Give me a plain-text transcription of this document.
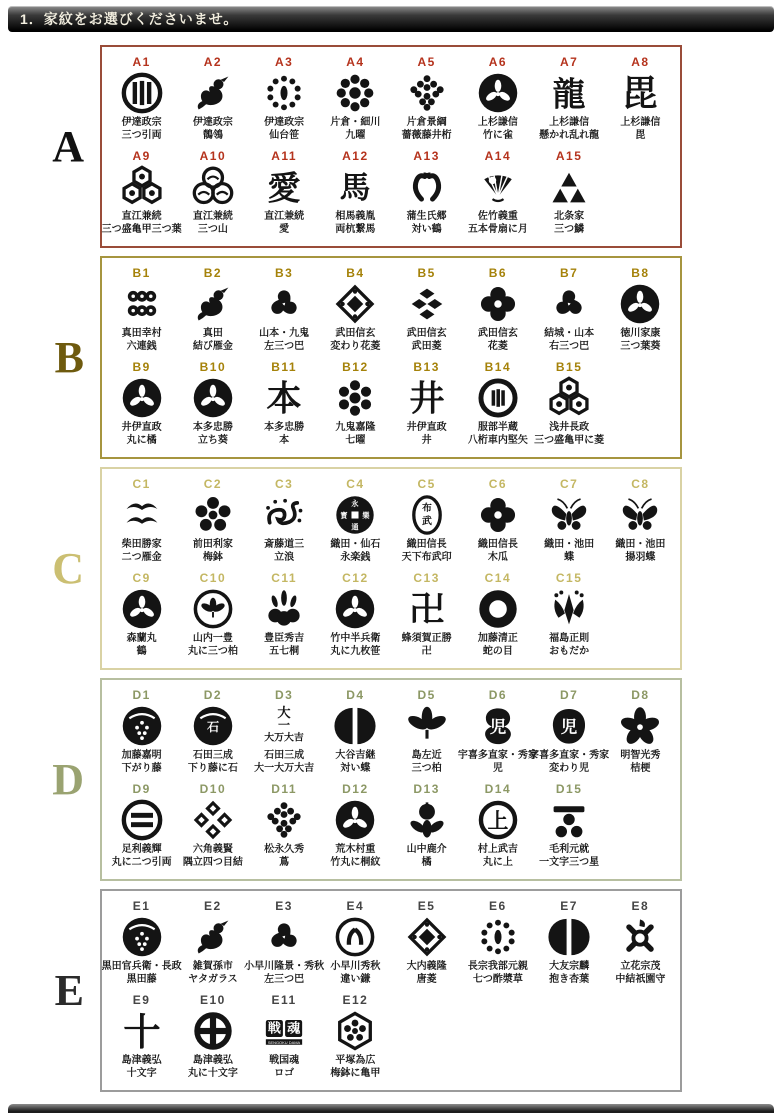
1．家紋をお選びくださいませ。
A
A1
伊達政宗
三つ引両
A2
伊達政宗
鶺鴒
A3
伊達政宗
仙台笹
A4
片倉・細川
九曜
A5
片倉景綱
薔薇藤井桁
A6
上杉謙信
竹に雀
A7
龍
上杉謙信
懸かれ乱れ龍
A8
毘
上杉謙信
毘
A9
直江兼続
三つ盛亀甲三つ葉
A10
直江兼続
三つ山
A11
愛
直江兼続
愛
A12
馬
相馬義胤
両杭繋馬
A13
蒲生氏郷
対い鶴
A14
佐竹義重
五本骨扇に月
A15
北条家
三つ鱗
B
B1
真田幸村
六連銭
B2
真田
結び雁金
B3
山本・九鬼
左三つ巴
B4
武田信玄
変わり花菱
B5
武田信玄
武田菱
B6
武田信玄
花菱
B7
結城・山本
右三つ巴
B8
徳川家康
三つ葉葵
B9
井伊直政
丸に橘
B10
本多忠勝
立ち葵
B11
本
本多忠勝
本
B12
九鬼嘉隆
七曜
B13
井
井伊直政
井
B14
服部半蔵
八桁車内堅矢
B15
浅井長政
三つ盛亀甲に菱
C
C1
柴田勝家
二つ雁金
C2
前田利家
梅鉢
C3
斎藤道三
立浪
C4
永
樂
通
寳
織田・仙石
永楽銭
C5
布
武
織田信長
天下布武印
C6
織田信長
木瓜
C7
織田・池田
蝶
C8
織田・池田
揚羽蝶
C9
森蘭丸
鶴
C10
山内一豊
丸に三つ柏
C11
豊臣秀吉
五七桐
C12
竹中半兵衛
丸に九枚笹
C13
卍
蜂須賀正勝
卍
C14
加藤清正
蛇の目
C15
福島正則
おもだか
D
D1
加藤嘉明
下がり藤
D2
石
石田三成
下り藤に石
D3
大
一
大万大吉
石田三成
大一大万大吉
D4
大谷吉継
対い蝶
D5
島左近
三つ柏
D6
児
宇喜多直家・秀家
児
D7
児
宇喜多直家・秀家
変わり児
D8
明智光秀
桔梗
D9
足利義輝
丸に二つ引両
D10
六角義賢
隅立四つ目結
D11
松永久秀
蔦
D12
荒木村重
竹丸に桐紋
D13
山中鹿介
橘
D14
上
村上武吉
丸に上
D15
毛利元就
一文字三つ星
E
E1
黒田官兵衛・長政
黒田藤
E2
雑賀孫市
ヤタガラス
E3
小早川隆景・秀秋
左三つ巴
E4
小早川秀秋
違い鎌
E5
大内義隆
唐菱
E6
長宗我部元親
七つ酢漿草
E7
大友宗麟
抱き杏葉
E8
立花宗茂
中結祇園守
E9
十
島津義弘
十文字
E10
島津義弘
丸に十文字
E11
戦 魂
SENGOKU DAMA
戦国魂
ロゴ
E12
平塚為広
梅鉢に亀甲
